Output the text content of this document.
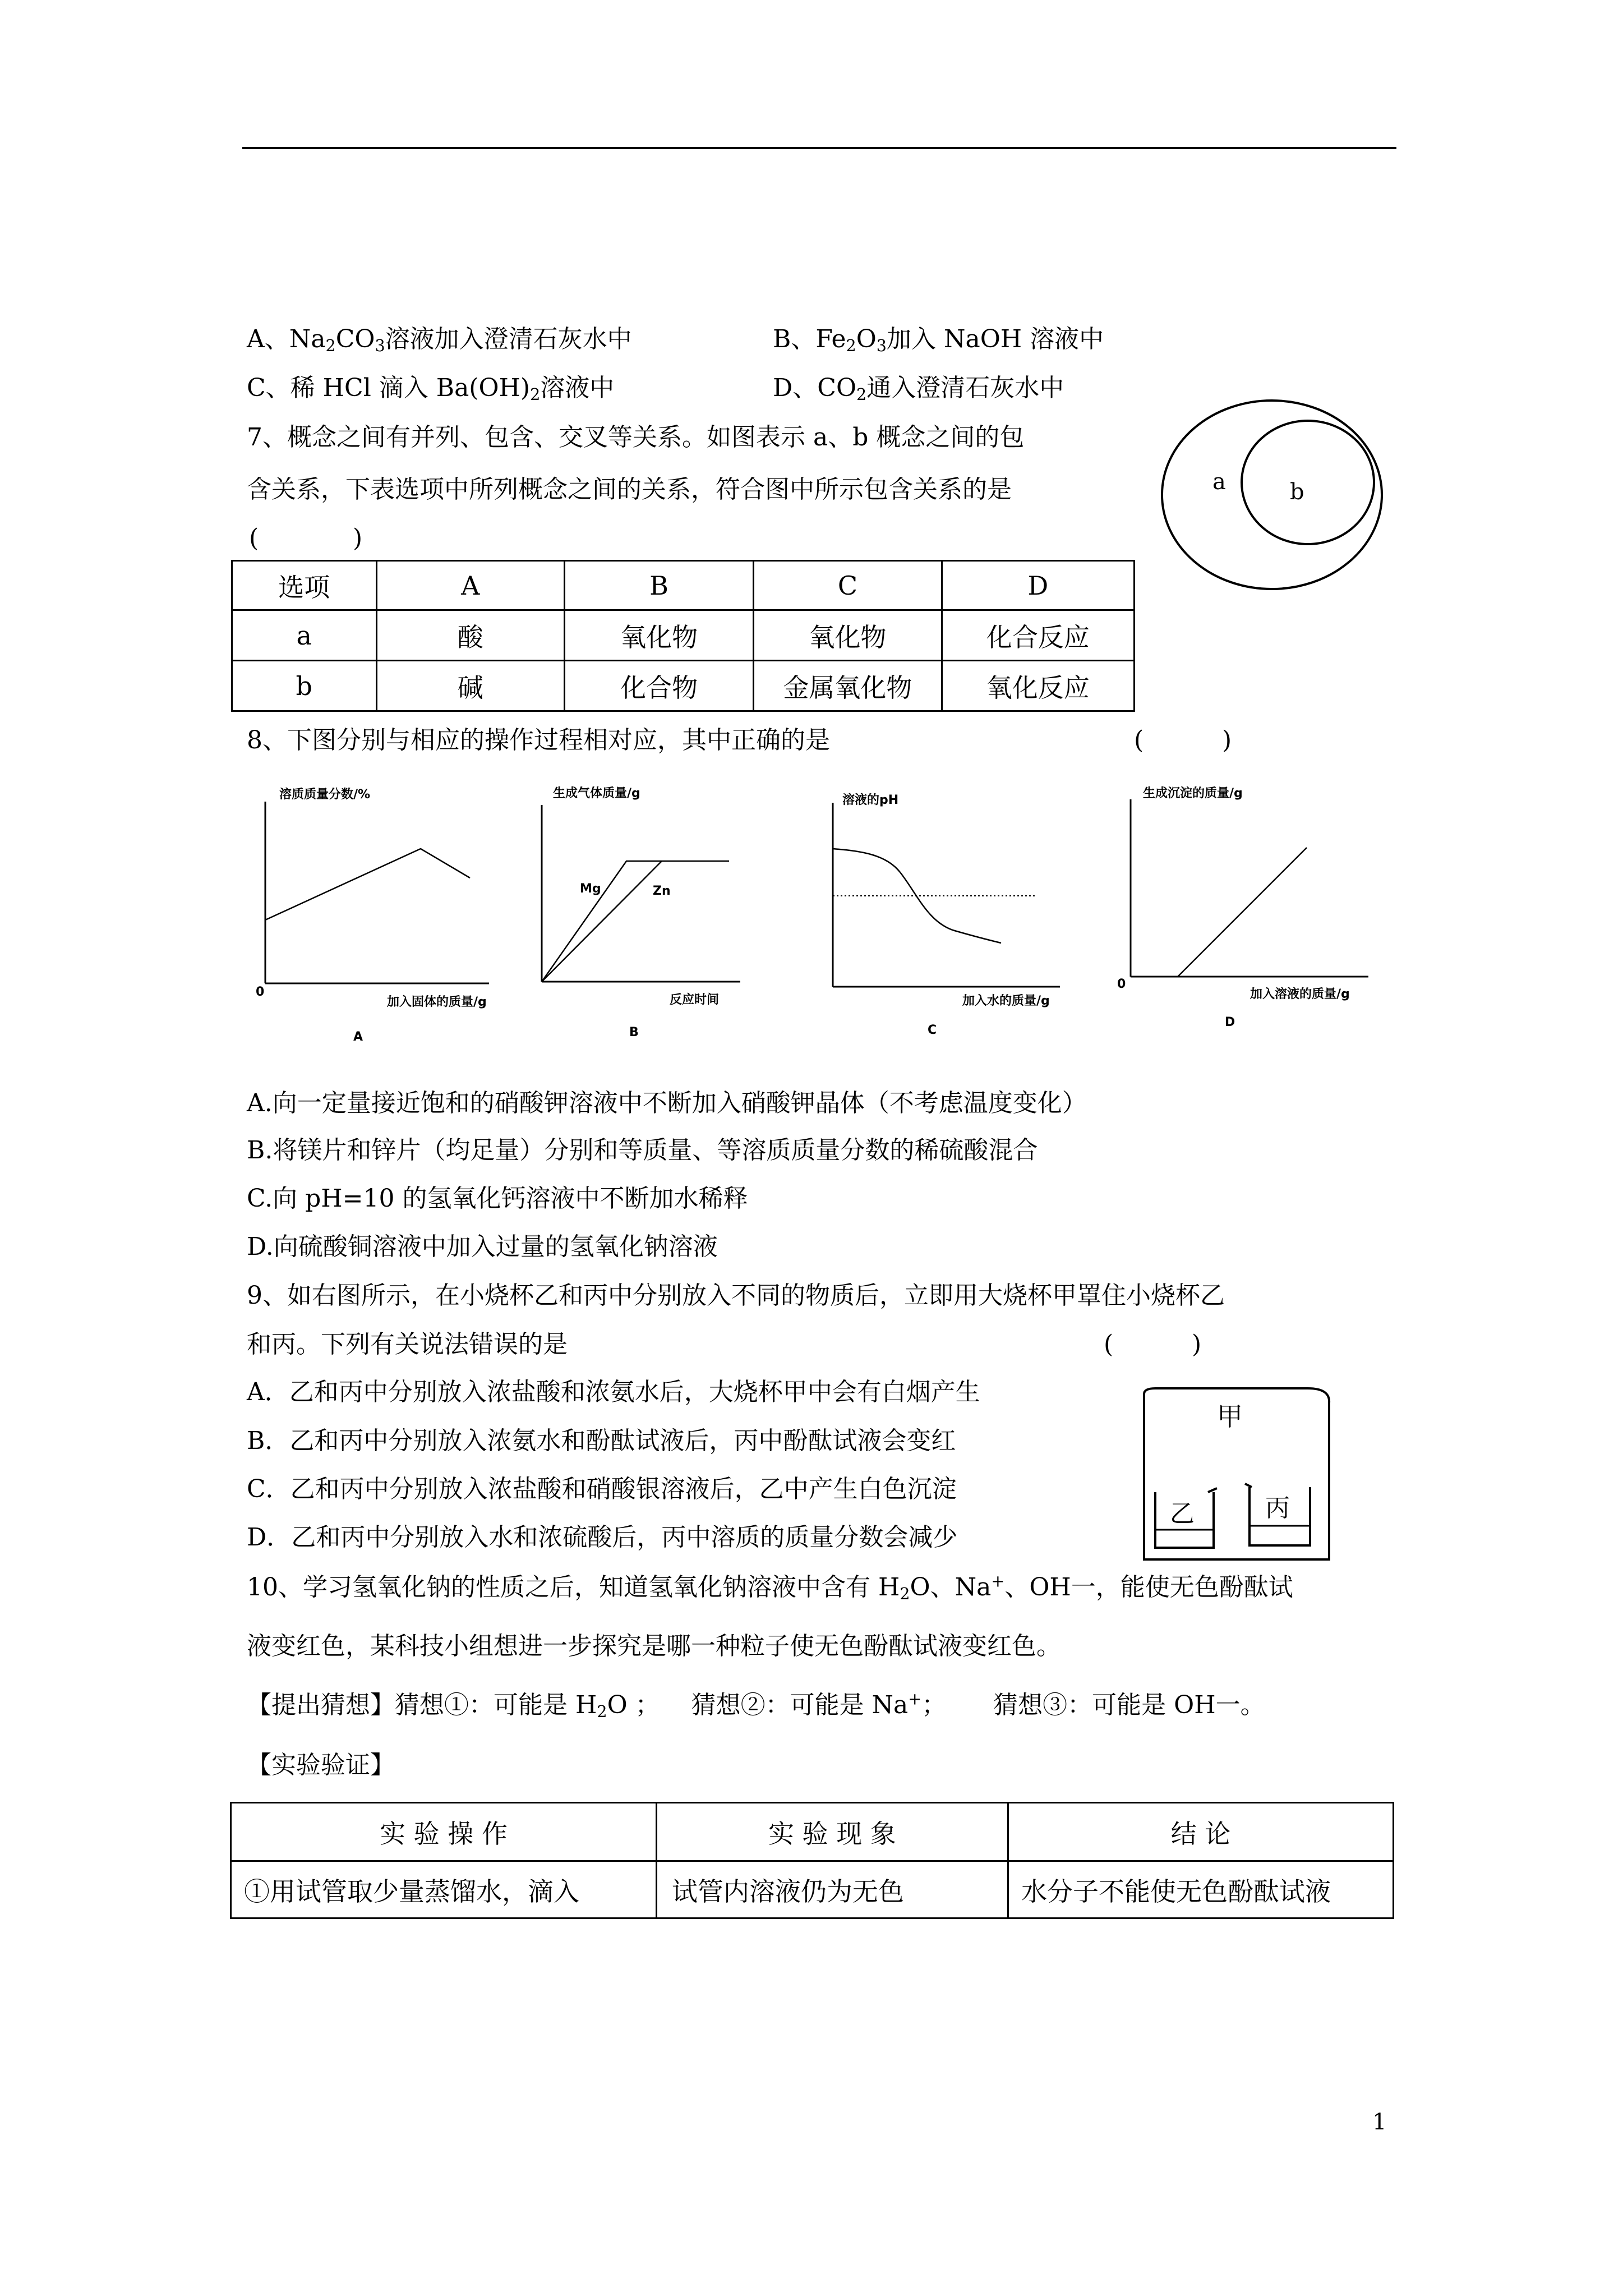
A、$Na_2CO_3$溶液加入澄清石灰水中	B、$Fe_2O_3$加入 NaOH 溶液中
C、稀 HCl 滴入 $Ba(OH)_2$溶液中	D、$CO_2$通入澄清石灰水中
7、概念之间有并列、包含、交叉等关系。如图表示 a、b 概念之间的包
含关系，下表选项中所列概念之间的关系，符合图中所示包含关系的是
(            )
a	b
选项	A	B	C	D
a	酸	氧化物	氧化物	化合反应
b	碱	化合物	金属氧化物	氧化反应
8、下图分别与相应的操作过程相对应，其中正确的是	(          )
溶质质量分数/%
加入固体的质量/g
0
A
生成气体质量/g
反应时间
Mg	Zn
B
溶液的pH
加入水的质量/g
C
生成沉淀的质量/g
加入溶液的质量/g
0
D
A.向一定量接近饱和的硝酸钾溶液中不断加入硝酸钾晶体（不考虑温度变化）
B.将镁片和锌片（均足量）分别和等质量、等溶质质量分数的稀硫酸混合
C.向 pH=10 的氢氧化钙溶液中不断加水稀释
D.向硫酸铜溶液中加入过量的氢氧化钠溶液
9、如右图所示，在小烧杯乙和丙中分别放入不同的物质后，立即用大烧杯甲罩住小烧杯乙
和丙。下列有关说法错误的是	(          )
A．乙和丙中分别放入浓盐酸和浓氨水后，大烧杯甲中会有白烟产生
B．乙和丙中分别放入浓氨水和酚酞试液后，丙中酚酞试液会变红
C．乙和丙中分别放入浓盐酸和硝酸银溶液后，乙中产生白色沉淀
D．乙和丙中分别放入水和浓硫酸后，丙中溶质的质量分数会减少
甲
乙	丙
10、学习氢氧化钠的性质之后，知道氢氧化钠溶液中含有 $H_2O$、Na+、OH一，能使无色酚酞试
液变红色，某科技小组想进一步探究是哪一种粒子使无色酚酞试液变红色。
【提出猜想】猜想①：可能是 $H_2O$ ；    猜想②：可能是 Na+；      猜想③：可能是 OH一。
【实验验证】
实 验 操 作	实 验 现 象	结 论
①用试管取少量蒸馏水，滴入	试管内溶液仍为无色	水分子不能使无色酚酞试液
1
